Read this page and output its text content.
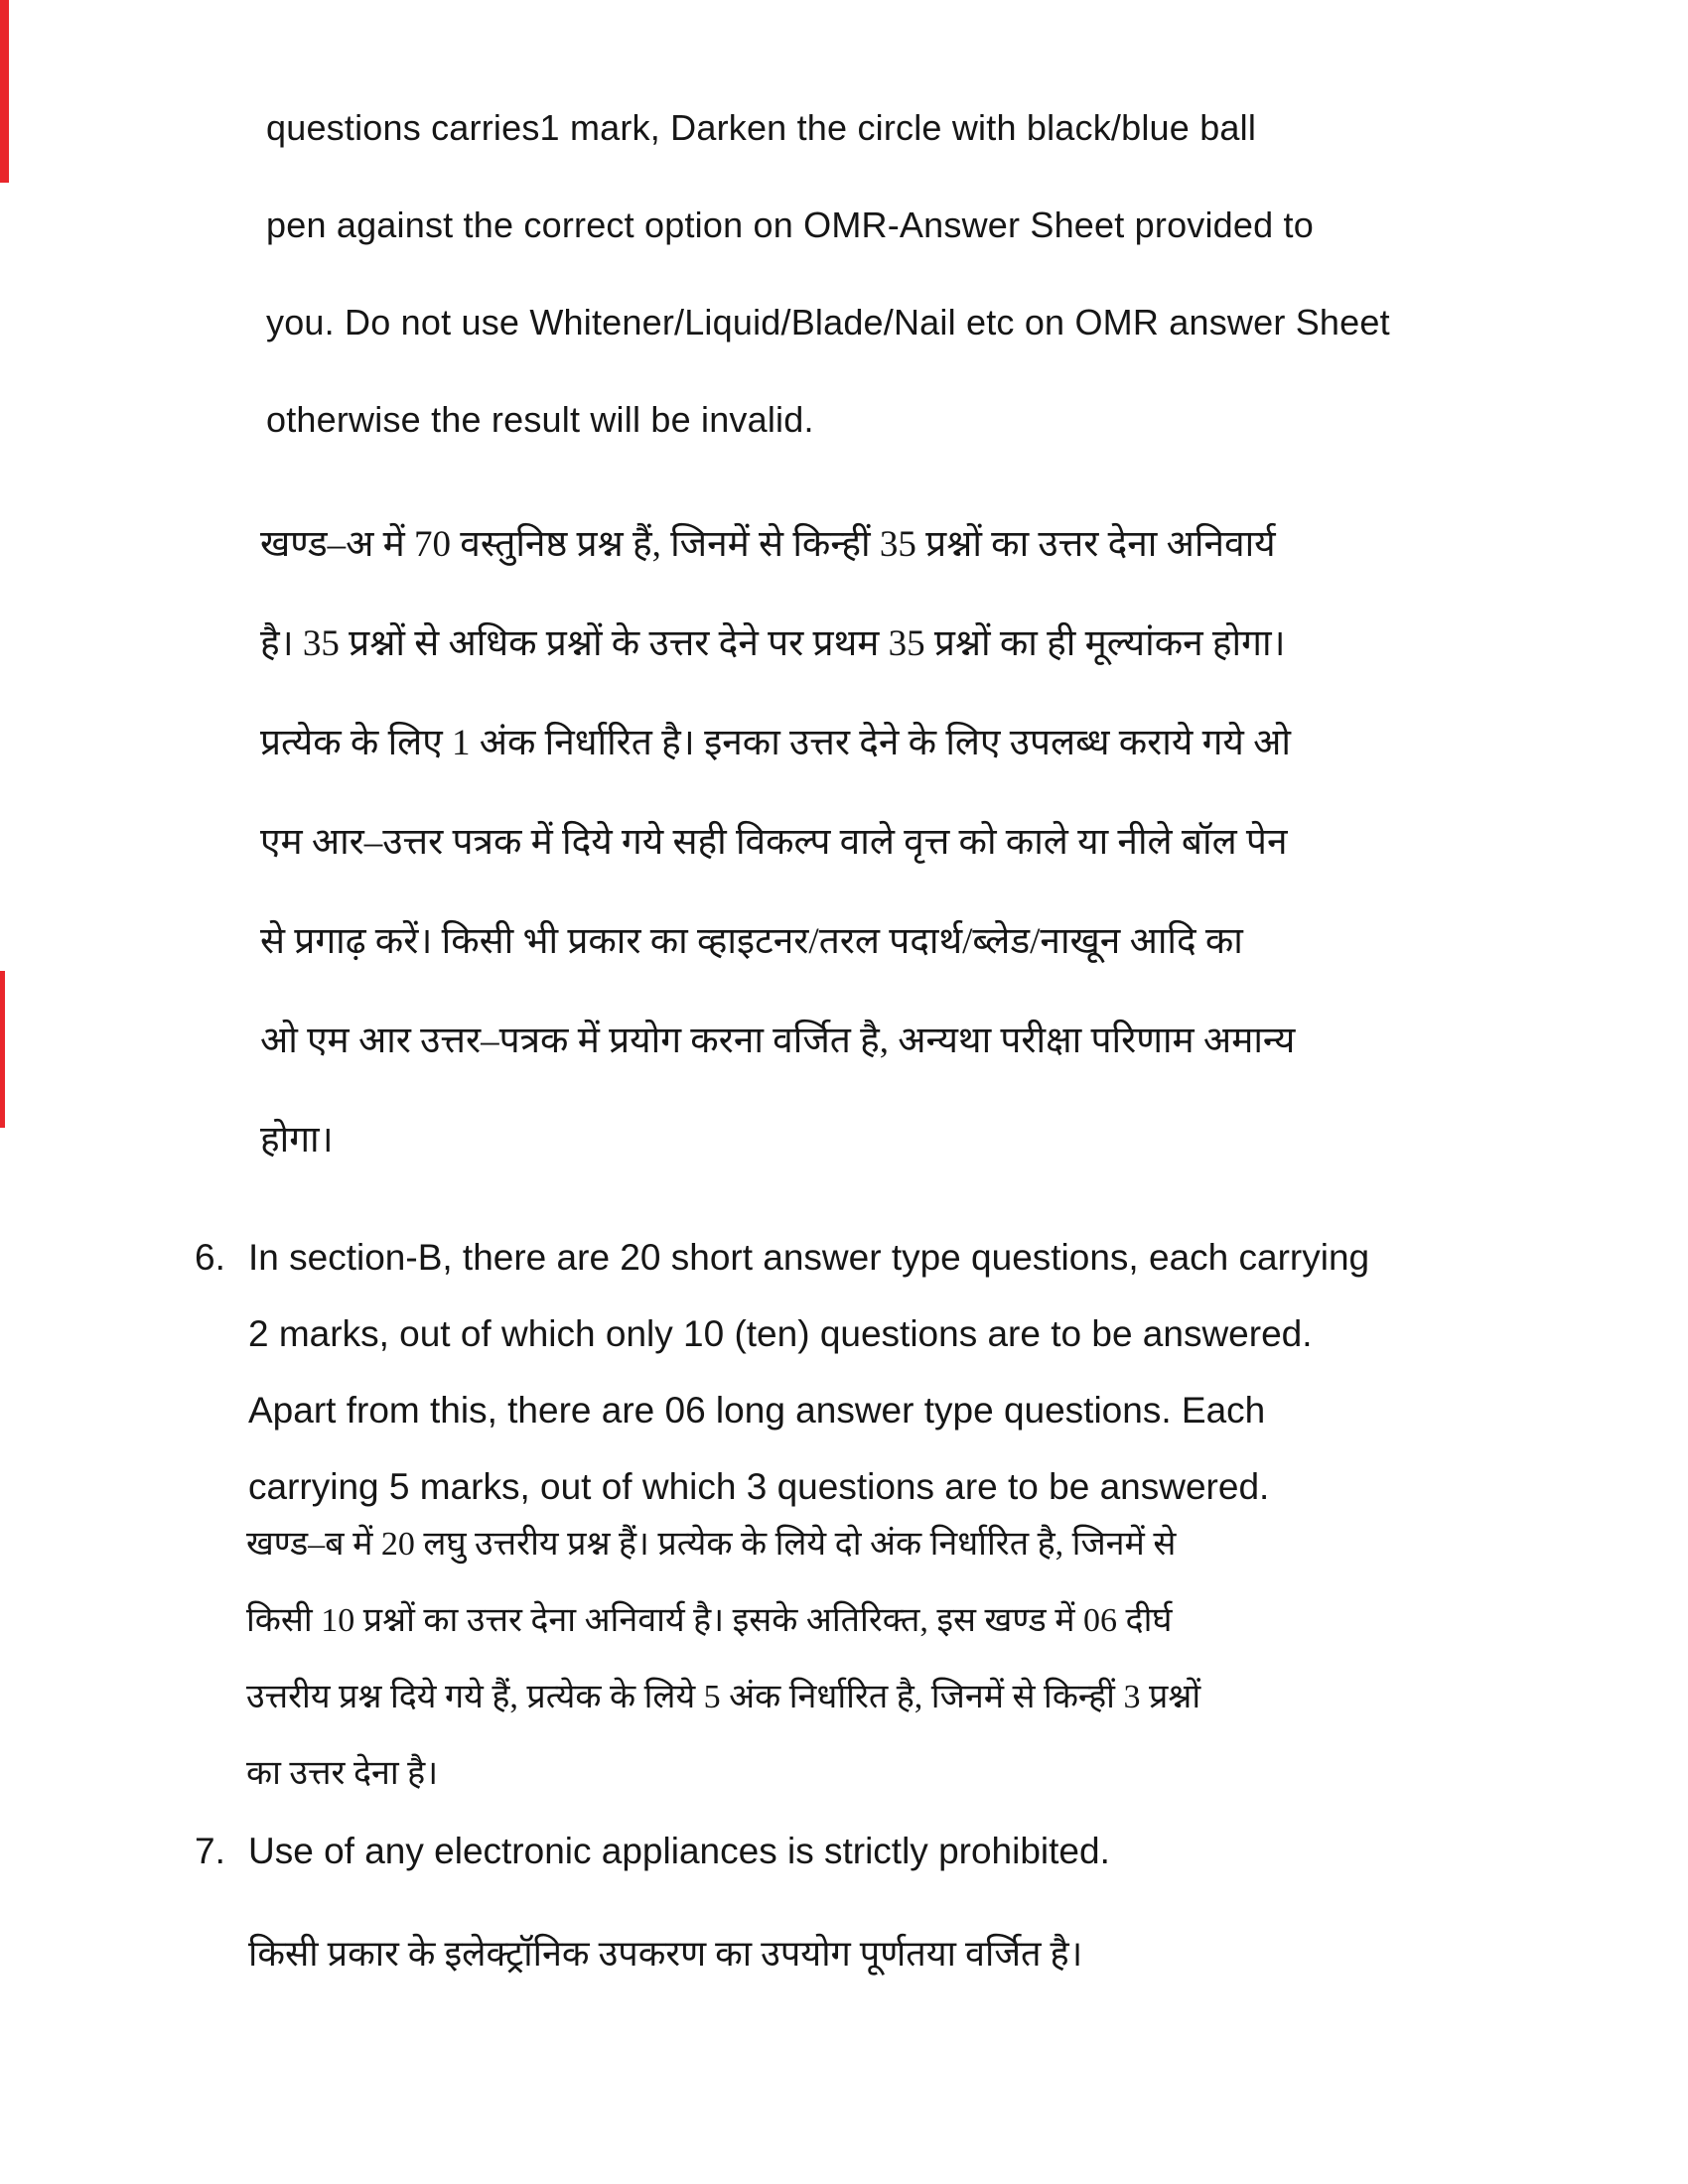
questions carries1 mark, Darken the circle with black/blue ball
pen against the correct option on OMR-Answer Sheet provided to
you. Do not use Whitener/Liquid/Blade/Nail etc on OMR answer Sheet
otherwise the result will be invalid.
खण्ड–अ में 70 वस्तुनिष्ठ प्रश्न हैं, जिनमें से किन्हीं 35 प्रश्नों का उत्तर देना अनिवार्य
है। 35 प्रश्नों से अधिक प्रश्नों के उत्तर देने पर प्रथम 35 प्रश्नों का ही मूल्यांकन होगा।
प्रत्येक के लिए 1 अंक निर्धारित है। इनका उत्तर देने के लिए उपलब्ध कराये गये ओ
एम आर–उत्तर पत्रक में दिये गये सही विकल्प वाले वृत्त को काले या नीले बॉल पेन
से प्रगाढ़ करें। किसी भी प्रकार का व्हाइटनर/तरल पदार्थ/ब्लेड/नाखून आदि का
ओ एम आर उत्तर–पत्रक में प्रयोग करना वर्जित है, अन्यथा परीक्षा परिणाम अमान्य
होगा।
6. In section-B, there are 20 short answer type questions, each carrying
2 marks, out of which only 10 (ten) questions are to be answered.
Apart from this, there are 06 long answer type questions. Each
carrying 5 marks, out of which 3 questions are to be answered.
खण्ड–ब में 20 लघु उत्तरीय प्रश्न हैं। प्रत्येक के लिये दो अंक निर्धारित है, जिनमें से
किसी 10 प्रश्नों का उत्तर देना अनिवार्य है। इसके अतिरिक्त, इस खण्ड में 06 दीर्घ
उत्तरीय प्रश्न दिये गये हैं, प्रत्येक के लिये 5 अंक निर्धारित है, जिनमें से किन्हीं 3 प्रश्नों
का उत्तर देना है।
7. Use of any electronic appliances is strictly prohibited.
किसी प्रकार के इलेक्ट्रॉनिक उपकरण का उपयोग पूर्णतया वर्जित है।
